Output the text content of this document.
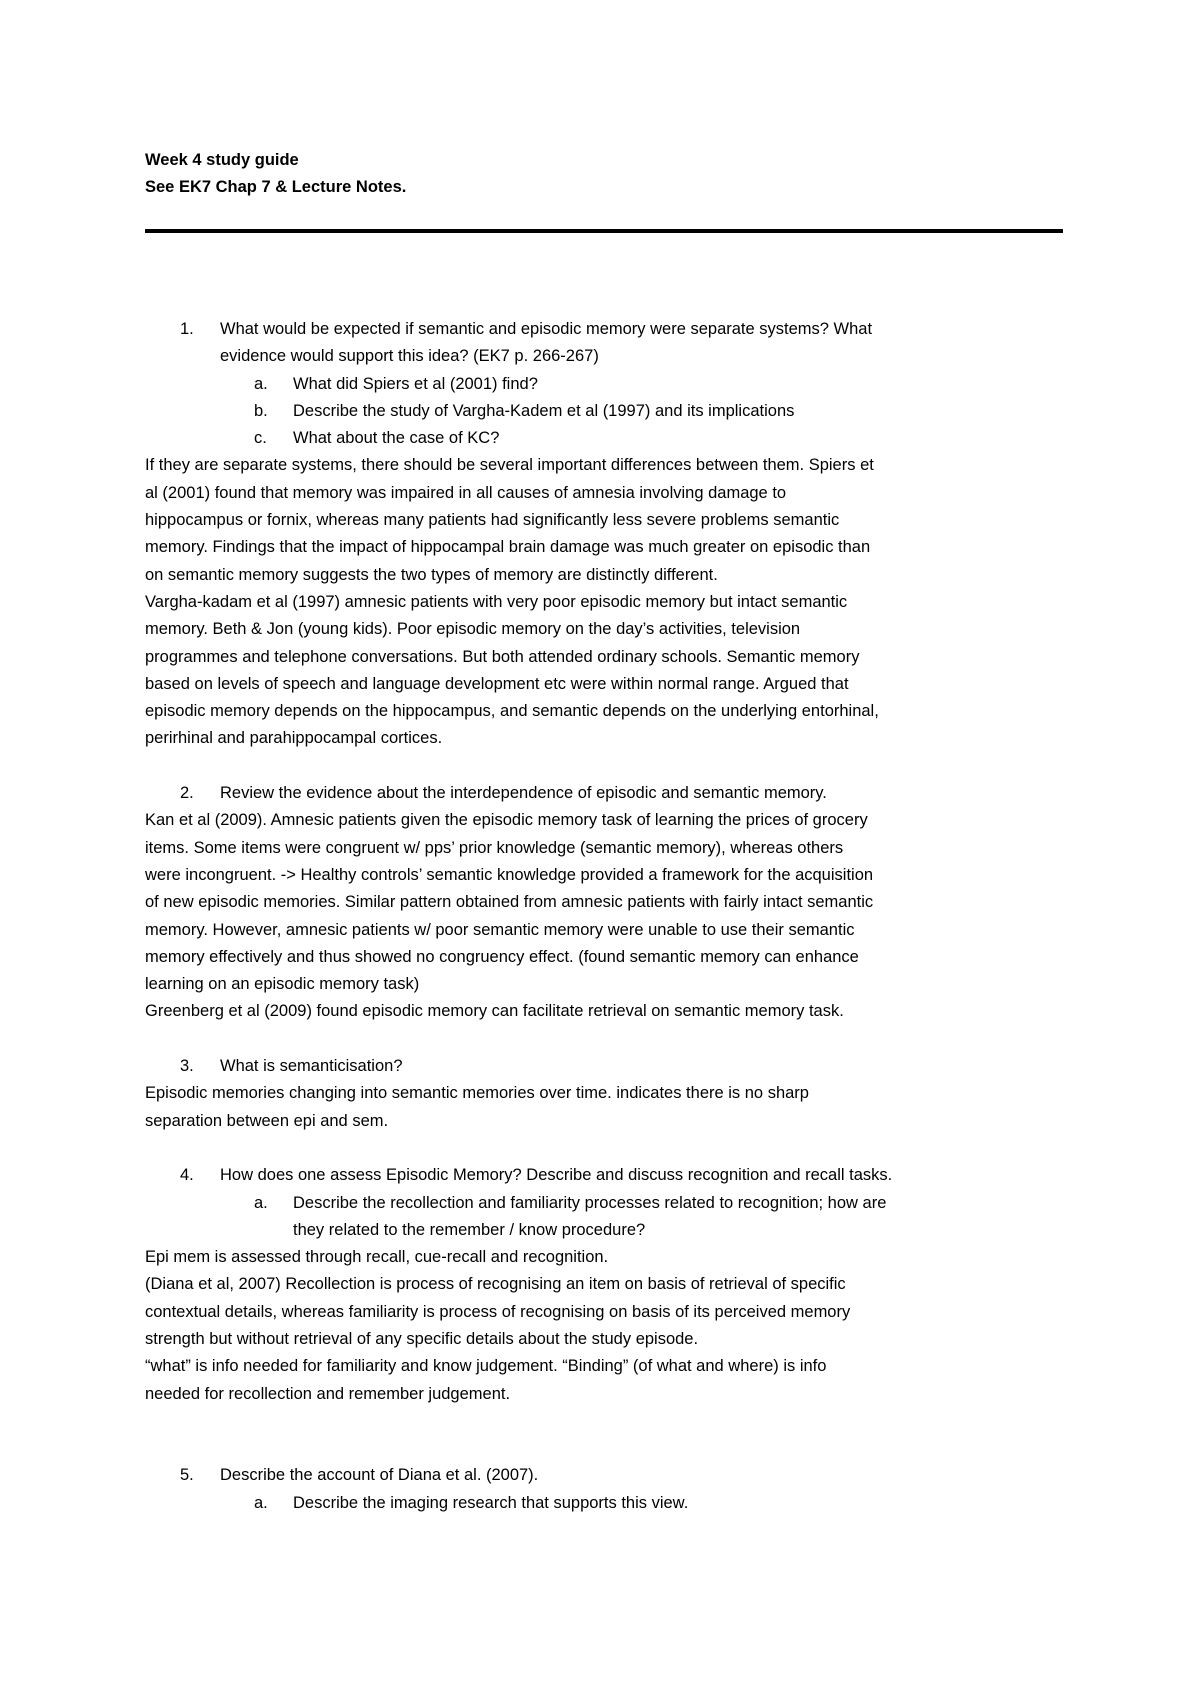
Week 4 study guide
See EK7 Chap 7 & Lecture Notes.
1. What would be expected if semantic and episodic memory were separate systems? What
evidence would support this idea? (EK7 p. 266-267)
a. What did Spiers et al (2001) find?
b. Describe the study of Vargha-Kadem et al (1997) and its implications
c. What about the case of KC?
If they are separate systems, there should be several important differences between them. Spiers et
al (2001) found that memory was impaired in all causes of amnesia involving damage to
hippocampus or fornix, whereas many patients had significantly less severe problems semantic
memory. Findings that the impact of hippocampal brain damage was much greater on episodic than
on semantic memory suggests the two types of memory are distinctly different.
Vargha-kadam et al (1997) amnesic patients with very poor episodic memory but intact semantic
memory. Beth & Jon (young kids). Poor episodic memory on the day’s activities, television
programmes and telephone conversations. But both attended ordinary schools. Semantic memory
based on levels of speech and language development etc were within normal range. Argued that
episodic memory depends on the hippocampus, and semantic depends on the underlying entorhinal,
perirhinal and parahippocampal cortices.
2. Review the evidence about the interdependence of episodic and semantic memory.
Kan et al (2009). Amnesic patients given the episodic memory task of learning the prices of grocery
items. Some items were congruent w/ pps’ prior knowledge (semantic memory), whereas others
were incongruent. -> Healthy controls’ semantic knowledge provided a framework for the acquisition
of new episodic memories. Similar pattern obtained from amnesic patients with fairly intact semantic
memory. However, amnesic patients w/ poor semantic memory were unable to use their semantic
memory effectively and thus showed no congruency effect. (found semantic memory can enhance
learning on an episodic memory task)
Greenberg et al (2009) found episodic memory can facilitate retrieval on semantic memory task.
3. What is semanticisation?
Episodic memories changing into semantic memories over time. indicates there is no sharp
separation between epi and sem.
4. How does one assess Episodic Memory? Describe and discuss recognition and recall tasks.
a. Describe the recollection and familiarity processes related to recognition; how are
they related to the remember / know procedure?
Epi mem is assessed through recall, cue-recall and recognition.
(Diana et al, 2007) Recollection is process of recognising an item on basis of retrieval of specific
contextual details, whereas familiarity is process of recognising on basis of its perceived memory
strength but without retrieval of any specific details about the study episode.
“what” is info needed for familiarity and know judgement. “Binding” (of what and where) is info
needed for recollection and remember judgement.
5. Describe the account of Diana et al. (2007).
a. Describe the imaging research that supports this view.
